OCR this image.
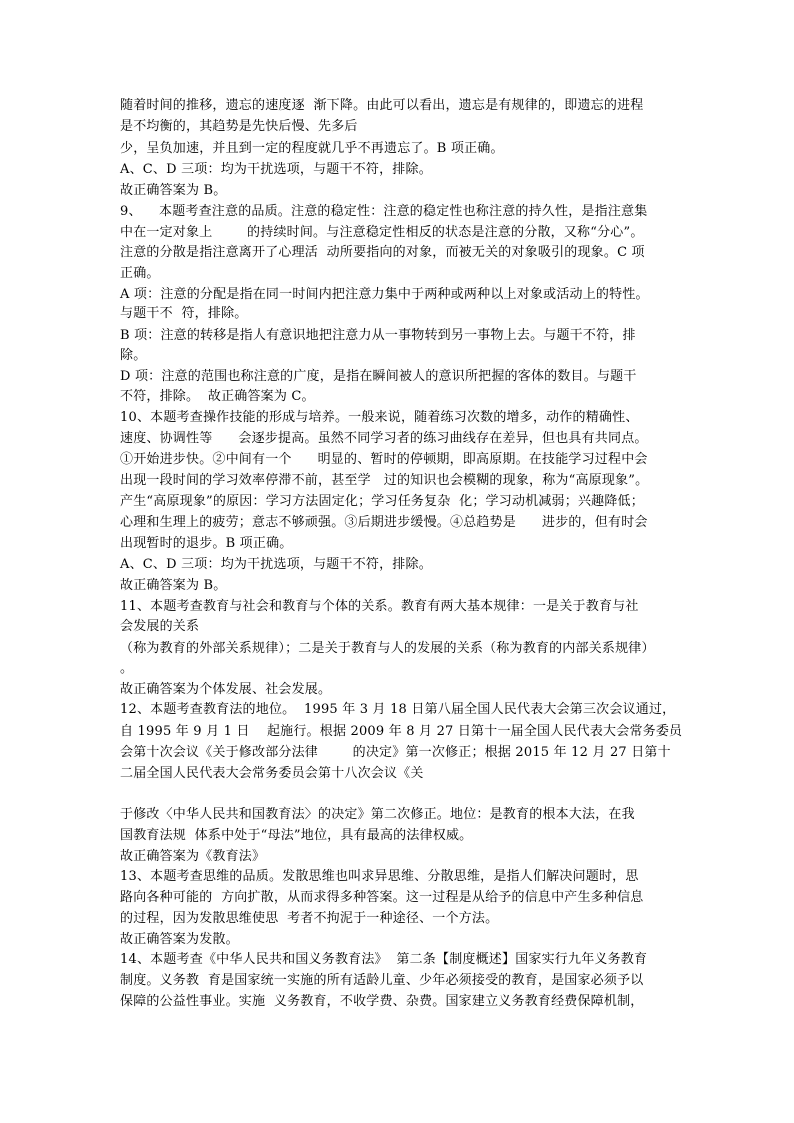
随着时间的推移，遗忘的速度逐  渐下降。由此可以看出，遗忘是有规律的，即遗忘的进程
是不均衡的，其趋势是先快后慢、先多后
少，呈负加速，并且到一定的程度就几乎不再遗忘了。B 项正确。
A、C、D 三项：均为干扰选项，与题干不符，排除。
故正确答案为 B。
9、    本题考查注意的品质。注意的稳定性：注意的稳定性也称注意的持久性，是指注意集
中在一定对象上        的持续时间。与注意稳定性相反的状态是注意的分散，又称“分心”。
注意的分散是指注意离开了心理活  动所要指向的对象，而被无关的对象吸引的现象。C 项
正确。
A 项：注意的分配是指在同一时间内把注意力集中于两种或两种以上对象或活动上的特性。
与题干不  符，排除。
B 项：注意的转移是指人有意识地把注意力从一事物转到另一事物上去。与题干不符，排
除。
D 项：注意的范围也称注意的广度，是指在瞬间被人的意识所把握的客体的数目。与题干
不符，排除。  故正确答案为 C。
10、本题考查操作技能的形成与培养。一般来说，随着练习次数的增多，动作的精确性、
速度、协调性等      会逐步提高。虽然不同学习者的练习曲线存在差异，但也具有共同点。
①开始进步快。②中间有一个      明显的、暂时的停顿期，即高原期。在技能学习过程中会
出现一段时间的学习效率停滞不前，甚至学   过的知识也会模糊的现象，称为“高原现象”。
产生“高原现象”的原因：学习方法固定化；学习任务复杂  化；学习动机减弱；兴趣降低；
心理和生理上的疲劳；意志不够顽强。③后期进步缓慢。④总趋势是      进步的，但有时会
出现暂时的退步。B 项正确。
A、C、D 三项：均为干扰选项，与题干不符，排除。
故正确答案为 B。
11、本题考查教育与社会和教育与个体的关系。教育有两大基本规律：一是关于教育与社
会发展的关系
（称为教育的外部关系规律）；二是关于教育与人的发展的关系（称为教育的内部关系规律）
。
故正确答案为个体发展、社会发展。
12、本题考查教育法的地位。  1995 年 3 月 18 日第八届全国人民代表大会第三次会议通过，
自 1995 年 9 月 1 日    起施行。根据 2009 年 8 月 27 日第十一届全国人民代表大会常务委员
会第十次会议《关于修改部分法律        的决定》第一次修正；根据 2015 年 12 月 27 日第十
二届全国人民代表大会常务委员会第十八次会议《关
于修改〈中华人民共和国教育法〉的决定》第二次修正。地位：是教育的根本大法，在我
国教育法规  体系中处于“母法”地位，具有最高的法律权威。
故正确答案为《教育法》
13、本题考查思维的品质。发散思维也叫求异思维、分散思维，是指人们解决问题时，思
路向各种可能的  方向扩散，从而求得多种答案。这一过程是从给予的信息中产生多种信息
的过程，因为发散思维使思  考者不拘泥于一种途径、一个方法。
故正确答案为发散。
14、本题考查《中华人民共和国义务教育法》  第二条【制度概述】国家实行九年义务教育
制度。义务教  育是国家统一实施的所有适龄儿童、少年必须接受的教育，是国家必须予以
保障的公益性事业。实施  义务教育，不收学费、杂费。国家建立义务教育经费保障机制，
